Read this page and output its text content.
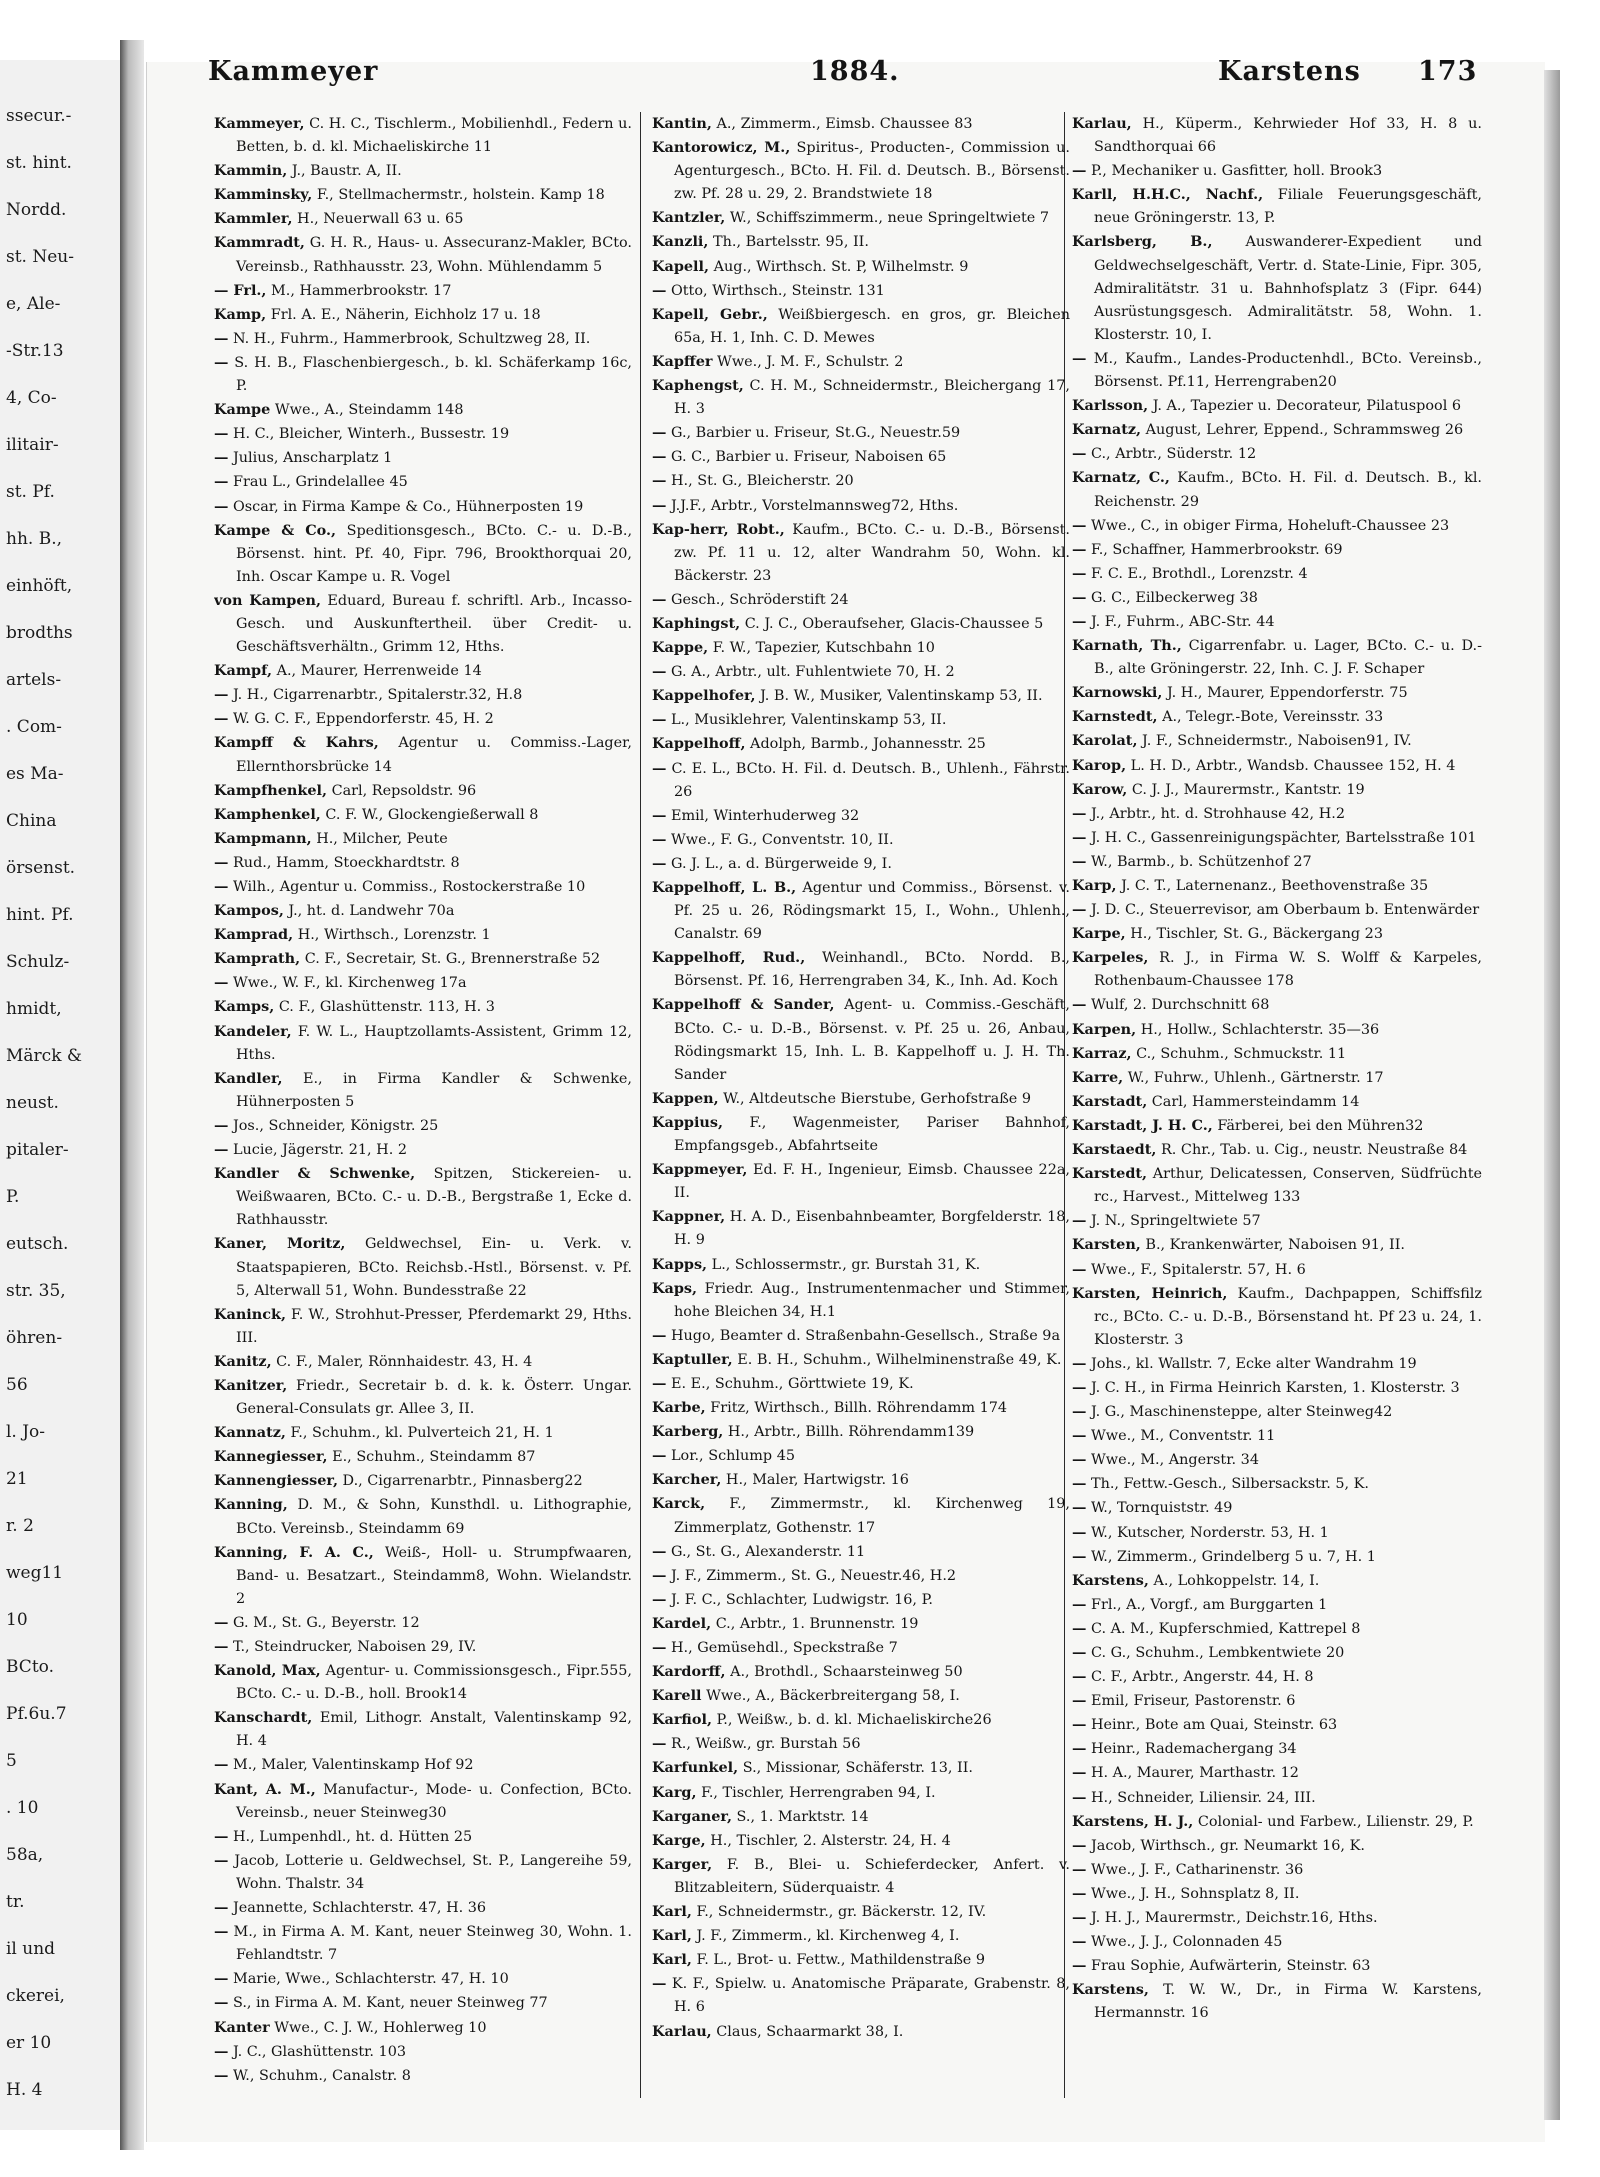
ssecur.-
st. hint.
Nordd.
st. Neu-
e, Ale-
-Str.13
4, Co-
ilitair-
st. Pf.
hh. B.,
einhöft,
brodths
artels-
. Com-
es Ma-
China
örsenst.
hint. Pf.
Schulz-
hmidt,
Märck &
neust.
pitaler-
P.
eutsch.
str. 35,
öhren-
56
l. Jo-
21
r. 2
weg11
10
BCto.
Pf.6u.7
5
. 10
58a,
tr.
il und
ckerei,
er 10
H. 4
Kammeyer	1884.	Karstens 173
Kammeyer, C. H. C., Tischlerm., Mobilienhdl., Federn u. Betten, b. d. kl. Michaeliskirche 11
Kammin, J., Baustr. A, II.
Kamminsky, F., Stellmachermstr., holstein. Kamp 18
Kammler, H., Neuerwall 63 u. 65
Kammradt, G. H. R., Haus- u. Assecuranz-Makler, BCto. Vereinsb., Rathhausstr. 23, Wohn. Mühlendamm 5
— Frl., M., Hammerbrookstr. 17
Kamp, Frl. A. E., Näherin, Eichholz 17 u. 18
— N. H., Fuhrm., Hammerbrook, Schultzweg 28, II.
— S. H. B., Flaschenbiergesch., b. kl. Schäferkamp 16c, P.
Kampe Wwe., A., Steindamm 148
— H. C., Bleicher, Winterh., Bussestr. 19
— Julius, Anscharplatz 1
— Frau L., Grindelallee 45
— Oscar, in Firma Kampe & Co., Hühnerposten 19
Kampe & Co., Speditionsgesch., BCto. C.- u. D.-B., Börsenst. hint. Pf. 40, Fipr. 796, Brookthorquai 20, Inh. Oscar Kampe u. R. Vogel
von Kampen, Eduard, Bureau f. schriftl. Arb., Incasso-Gesch. und Auskunftertheil. über Credit- u. Geschäftsverhältn., Grimm 12, Hths.
Kampf, A., Maurer, Herrenweide 14
— J. H., Cigarrenarbtr., Spitalerstr.32, H.8
— W. G. C. F., Eppendorferstr. 45, H. 2
Kampff & Kahrs, Agentur u. Commiss.-Lager, Ellernthorsbrücke 14
Kampfhenkel, Carl, Repsoldstr. 96
Kamphenkel, C. F. W., Glockengießerwall 8
Kampmann, H., Milcher, Peute
— Rud., Hamm, Stoeckhardtstr. 8
— Wilh., Agentur u. Commiss., Rostockerstraße 10
Kampos, J., ht. d. Landwehr 70a
Kamprad, H., Wirthsch., Lorenzstr. 1
Kamprath, C. F., Secretair, St. G., Brennerstraße 52
— Wwe., W. F., kl. Kirchenweg 17a
Kamps, C. F., Glashüttenstr. 113, H. 3
Kandeler, F. W. L., Hauptzollamts-Assistent, Grimm 12, Hths.
Kandler, E., in Firma Kandler & Schwenke, Hühnerposten 5
— Jos., Schneider, Königstr. 25
— Lucie, Jägerstr. 21, H. 2
Kandler & Schwenke, Spitzen, Stickereien- u. Weißwaaren, BCto. C.- u. D.-B., Bergstraße 1, Ecke d. Rathhausstr.
Kaner, Moritz, Geldwechsel, Ein- u. Verk. v. Staatspapieren, BCto. Reichsb.-Hstl., Börsenst. v. Pf. 5, Alterwall 51, Wohn. Bundesstraße 22
Kaninck, F. W., Strohhut-Presser, Pferdemarkt 29, Hths. III.
Kanitz, C. F., Maler, Rönnhaidestr. 43, H. 4
Kanitzer, Friedr., Secretair b. d. k. k. Österr. Ungar. General-Consulats gr. Allee 3, II.
Kannatz, F., Schuhm., kl. Pulverteich 21, H. 1
Kannegiesser, E., Schuhm., Steindamm 87
Kannengiesser, D., Cigarrenarbtr., Pinnasberg22
Kanning, D. M., & Sohn, Kunsthdl. u. Lithographie, BCto. Vereinsb., Steindamm 69
Kanning, F. A. C., Weiß-, Holl- u. Strumpfwaaren, Band- u. Besatzart., Steindamm8, Wohn. Wielandstr. 2
— G. M., St. G., Beyerstr. 12
— T., Steindrucker, Naboisen 29, IV.
Kanold, Max, Agentur- u. Commissionsgesch., Fipr.555, BCto. C.- u. D.-B., holl. Brook14
Kanschardt, Emil, Lithogr. Anstalt, Valentinskamp 92, H. 4
— M., Maler, Valentinskamp Hof 92
Kant, A. M., Manufactur-, Mode- u. Confection, BCto. Vereinsb., neuer Steinweg30
— H., Lumpenhdl., ht. d. Hütten 25
— Jacob, Lotterie u. Geldwechsel, St. P., Langereihe 59, Wohn. Thalstr. 34
— Jeannette, Schlachterstr. 47, H. 36
— M., in Firma A. M. Kant, neuer Steinweg 30, Wohn. 1. Fehlandtstr. 7
— Marie, Wwe., Schlachterstr. 47, H. 10
— S., in Firma A. M. Kant, neuer Steinweg 77
Kanter Wwe., C. J. W., Hohlerweg 10
— J. C., Glashüttenstr. 103
— W., Schuhm., Canalstr. 8
Kantin, A., Zimmerm., Eimsb. Chaussee 83
Kantorowicz, M., Spiritus-, Producten-, Commission u. Agenturgesch., BCto. H. Fil. d. Deutsch. B., Börsenst. zw. Pf. 28 u. 29, 2. Brandstwiete 18
Kantzler, W., Schiffszimmerm., neue Springeltwiete 7
Kanzli, Th., Bartelsstr. 95, II.
Kapell, Aug., Wirthsch. St. P, Wilhelmstr. 9
— Otto, Wirthsch., Steinstr. 131
Kapell, Gebr., Weißbiergesch. en gros, gr. Bleichen 65a, H. 1, Inh. C. D. Mewes
Kapffer Wwe., J. M. F., Schulstr. 2
Kaphengst, C. H. M., Schneidermstr., Bleichergang 17, H. 3
— G., Barbier u. Friseur, St.G., Neuestr.59
— G. C., Barbier u. Friseur, Naboisen 65
— H., St. G., Bleicherstr. 20
— J.J.F., Arbtr., Vorstelmannsweg72, Hths.
Kap-herr, Robt., Kaufm., BCto. C.- u. D.-B., Börsenst. zw. Pf. 11 u. 12, alter Wandrahm 50, Wohn. kl. Bäckerstr. 23
— Gesch., Schröderstift 24
Kaphingst, C. J. C., Oberaufseher, Glacis-Chaussee 5
Kappe, F. W., Tapezier, Kutschbahn 10
— G. A., Arbtr., ult. Fuhlentwiete 70, H. 2
Kappelhofer, J. B. W., Musiker, Valentinskamp 53, II.
— L., Musiklehrer, Valentinskamp 53, II.
Kappelhoff, Adolph, Barmb., Johannesstr. 25
— C. E. L., BCto. H. Fil. d. Deutsch. B., Uhlenh., Fährstr. 26
— Emil, Winterhuderweg 32
— Wwe., F. G., Conventstr. 10, II.
— G. J. L., a. d. Bürgerweide 9, I.
Kappelhoff, L. B., Agentur und Commiss., Börsenst. v. Pf. 25 u. 26, Rödingsmarkt 15, I., Wohn., Uhlenh., Canalstr. 69
Kappelhoff, Rud., Weinhandl., BCto. Nordd. B., Börsenst. Pf. 16, Herrengraben 34, K., Inh. Ad. Koch
Kappelhoff & Sander, Agent- u. Commiss.-Geschäft, BCto. C.- u. D.-B., Börsenst. v. Pf. 25 u. 26, Anbau, Rödingsmarkt 15, Inh. L. B. Kappelhoff u. J. H. Th. Sander
Kappen, W., Altdeutsche Bierstube, Gerhofstraße 9
Kappius, F., Wagenmeister, Pariser Bahnhof, Empfangsgeb., Abfahrtseite
Kappmeyer, Ed. F. H., Ingenieur, Eimsb. Chaussee 22a, II.
Kappner, H. A. D., Eisenbahnbeamter, Borgfelderstr. 18, H. 9
Kapps, L., Schlossermstr., gr. Burstah 31, K.
Kaps, Friedr. Aug., Instrumentenmacher und Stimmer, hohe Bleichen 34, H.1
— Hugo, Beamter d. Straßenbahn-Gesellsch., Straße 9a
Kaptuller, E. B. H., Schuhm., Wilhelminenstraße 49, K.
— E. E., Schuhm., Görttwiete 19, K.
Karbe, Fritz, Wirthsch., Billh. Röhrendamm 174
Karberg, H., Arbtr., Billh. Röhrendamm139
— Lor., Schlump 45
Karcher, H., Maler, Hartwigstr. 16
Karck, F., Zimmermstr., kl. Kirchenweg 19, Zimmerplatz, Gothenstr. 17
— G., St. G., Alexanderstr. 11
— J. F., Zimmerm., St. G., Neuestr.46, H.2
— J. F. C., Schlachter, Ludwigstr. 16, P.
Kardel, C., Arbtr., 1. Brunnenstr. 19
— H., Gemüsehdl., Speckstraße 7
Kardorff, A., Brothdl., Schaarsteinweg 50
Karell Wwe., A., Bäckerbreitergang 58, I.
Karfiol, P., Weißw., b. d. kl. Michaeliskirche26
— R., Weißw., gr. Burstah 56
Karfunkel, S., Missionar, Schäferstr. 13, II.
Karg, F., Tischler, Herrengraben 94, I.
Karganer, S., 1. Marktstr. 14
Karge, H., Tischler, 2. Alsterstr. 24, H. 4
Karger, F. B., Blei- u. Schieferdecker, Anfert. v. Blitzableitern, Süderquaistr. 4
Karl, F., Schneidermstr., gr. Bäckerstr. 12, IV.
Karl, J. F., Zimmerm., kl. Kirchenweg 4, I.
Karl, F. L., Brot- u. Fettw., Mathildenstraße 9
— K. F., Spielw. u. Anatomische Präparate, Grabenstr. 8, H. 6
Karlau, Claus, Schaarmarkt 38, I.
Karlau, H., Küperm., Kehrwieder Hof 33, H. 8 u. Sandthorquai 66
— P., Mechaniker u. Gasfitter, holl. Brook3
Karll, H.H.C., Nachf., Filiale Feuerungsgeschäft, neue Gröningerstr. 13, P.
Karlsberg, B., Auswanderer-Expedient und Geldwechselgeschäft, Vertr. d. State-Linie, Fipr. 305, Admiralitätstr. 31 u. Bahnhofsplatz 3 (Fipr. 644) Ausrüstungsgesch. Admiralitätstr. 58, Wohn. 1. Klosterstr. 10, I.
— M., Kaufm., Landes-Productenhdl., BCto. Vereinsb., Börsenst. Pf.11, Herrengraben20
Karlsson, J. A., Tapezier u. Decorateur, Pilatuspool 6
Karnatz, August, Lehrer, Eppend., Schrammsweg 26
— C., Arbtr., Süderstr. 12
Karnatz, C., Kaufm., BCto. H. Fil. d. Deutsch. B., kl. Reichenstr. 29
— Wwe., C., in obiger Firma, Hoheluft-Chaussee 23
— F., Schaffner, Hammerbrookstr. 69
— F. C. E., Brothdl., Lorenzstr. 4
— G. C., Eilbeckerweg 38
— J. F., Fuhrm., ABC-Str. 44
Karnath, Th., Cigarrenfabr. u. Lager, BCto. C.- u. D.-B., alte Gröningerstr. 22, Inh. C. J. F. Schaper
Karnowski, J. H., Maurer, Eppendorferstr. 75
Karnstedt, A., Telegr.-Bote, Vereinsstr. 33
Karolat, J. F., Schneidermstr., Naboisen91, IV.
Karop, L. H. D., Arbtr., Wandsb. Chaussee 152, H. 4
Karow, C. J. J., Maurermstr., Kantstr. 19
— J., Arbtr., ht. d. Strohhause 42, H.2
— J. H. C., Gassenreinigungspächter, Bartelsstraße 101
— W., Barmb., b. Schützenhof 27
Karp, J. C. T., Laternenanz., Beethovenstraße 35
— J. D. C., Steuerrevisor, am Oberbaum b. Entenwärder
Karpe, H., Tischler, St. G., Bäckergang 23
Karpeles, R. J., in Firma W. S. Wolff & Karpeles, Rothenbaum-Chaussee 178
— Wulf, 2. Durchschnitt 68
Karpen, H., Hollw., Schlachterstr. 35—36
Karraz, C., Schuhm., Schmuckstr. 11
Karre, W., Fuhrw., Uhlenh., Gärtnerstr. 17
Karstadt, Carl, Hammersteindamm 14
Karstadt, J. H. C., Färberei, bei den Mühren32
Karstaedt, R. Chr., Tab. u. Cig., neustr. Neustraße 84
Karstedt, Arthur, Delicatessen, Conserven, Südfrüchte rc., Harvest., Mittelweg 133
— J. N., Springeltwiete 57
Karsten, B., Krankenwärter, Naboisen 91, II.
— Wwe., F., Spitalerstr. 57, H. 6
Karsten, Heinrich, Kaufm., Dachpappen, Schiffsfilz rc., BCto. C.- u. D.-B., Börsenstand ht. Pf 23 u. 24, 1. Klosterstr. 3
— Johs., kl. Wallstr. 7, Ecke alter Wandrahm 19
— J. C. H., in Firma Heinrich Karsten, 1. Klosterstr. 3
— J. G., Maschinensteppe, alter Steinweg42
— Wwe., M., Conventstr. 11
— Wwe., M., Angerstr. 34
— Th., Fettw.-Gesch., Silbersackstr. 5, K.
— W., Tornquiststr. 49
— W., Kutscher, Norderstr. 53, H. 1
— W., Zimmerm., Grindelberg 5 u. 7, H. 1
Karstens, A., Lohkoppelstr. 14, I.
— Frl., A., Vorgf., am Burggarten 1
— C. A. M., Kupferschmied, Kattrepel 8
— C. G., Schuhm., Lembkentwiete 20
— C. F., Arbtr., Angerstr. 44, H. 8
— Emil, Friseur, Pastorenstr. 6
— Heinr., Bote am Quai, Steinstr. 63
— Heinr., Rademachergang 34
— H. A., Maurer, Marthastr. 12
— H., Schneider, Liliensir. 24, III.
Karstens, H. J., Colonial- und Farbew., Lilienstr. 29, P.
— Jacob, Wirthsch., gr. Neumarkt 16, K.
— Wwe., J. F., Catharinenstr. 36
— Wwe., J. H., Sohnsplatz 8, II.
— J. H. J., Maurermstr., Deichstr.16, Hths.
— Wwe., J. J., Colonnaden 45
— Frau Sophie, Aufwärterin, Steinstr. 63
Karstens, T. W. W., Dr., in Firma W. Karstens, Hermannstr. 16
